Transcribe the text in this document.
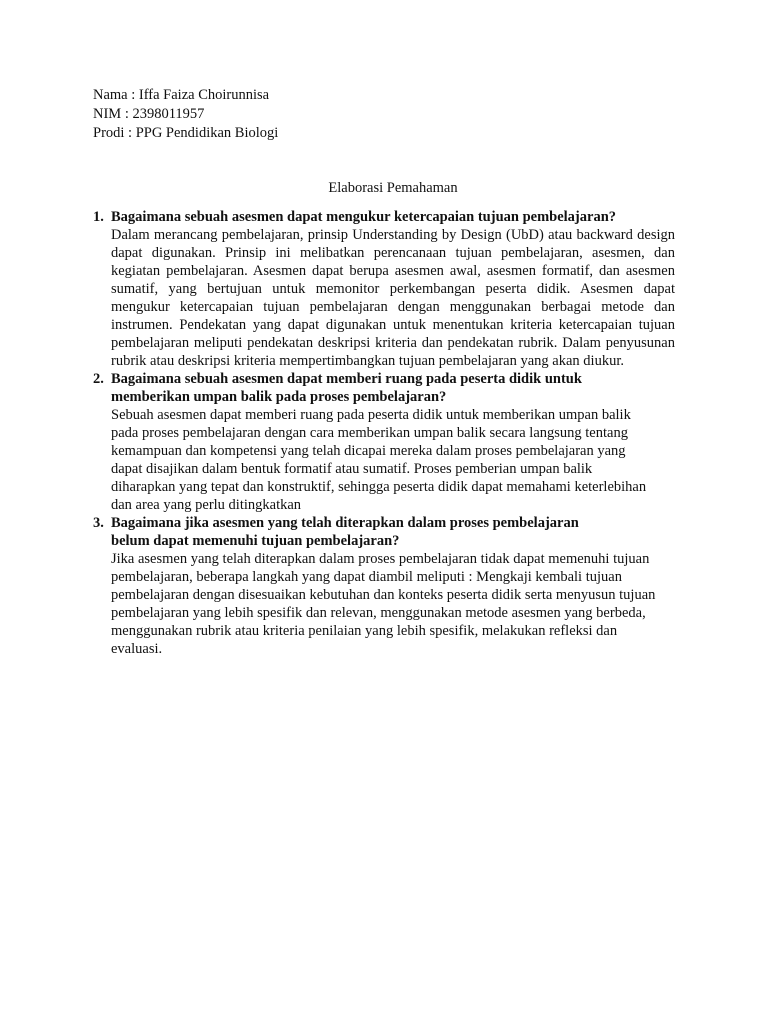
Nama : Iffa Faiza Choirunnisa
NIM : 2398011957
Prodi : PPG Pendidikan Biologi
Elaborasi Pemahaman
1. Bagaimana sebuah asesmen dapat mengukur ketercapaian tujuan pembelajaran?
Dalam merancang pembelajaran, prinsip Understanding by Design (UbD) atau backward design dapat digunakan. Prinsip ini melibatkan perencanaan tujuan pembelajaran, asesmen, dan kegiatan pembelajaran. Asesmen dapat berupa asesmen awal, asesmen formatif, dan asesmen sumatif, yang bertujuan untuk memonitor perkembangan peserta didik. Asesmen dapat mengukur ketercapaian tujuan pembelajaran dengan menggunakan berbagai metode dan instrumen. Pendekatan yang dapat digunakan untuk menentukan kriteria ketercapaian tujuan pembelajaran meliputi pendekatan deskripsi kriteria dan pendekatan rubrik. Dalam penyusunan rubrik atau deskripsi kriteria mempertimbangkan tujuan pembelajaran yang akan diukur.
2. Bagaimana sebuah asesmen dapat memberi ruang pada peserta didik untuk memberikan umpan balik pada proses pembelajaran?
Sebuah asesmen dapat memberi ruang pada peserta didik untuk memberikan umpan balik pada proses pembelajaran dengan cara memberikan umpan balik secara langsung tentang kemampuan dan kompetensi yang telah dicapai mereka dalam proses pembelajaran yang dapat disajikan dalam bentuk formatif atau sumatif. Proses pemberian umpan balik diharapkan yang tepat dan konstruktif, sehingga peserta didik dapat memahami keterlebihan dan area yang perlu ditingkatkan
3. Bagaimana jika asesmen yang telah diterapkan dalam proses pembelajaran belum dapat memenuhi tujuan pembelajaran?
Jika asesmen yang telah diterapkan dalam proses pembelajaran tidak dapat memenuhi tujuan pembelajaran, beberapa langkah yang dapat diambil meliputi : Mengkaji kembali tujuan pembelajaran dengan disesuaikan kebutuhan dan konteks peserta didik serta menyusun tujuan pembelajaran yang lebih spesifik dan relevan, menggunakan metode asesmen yang berbeda, menggunakan rubrik atau kriteria penilaian yang lebih spesifik, melakukan refleksi dan evaluasi.
